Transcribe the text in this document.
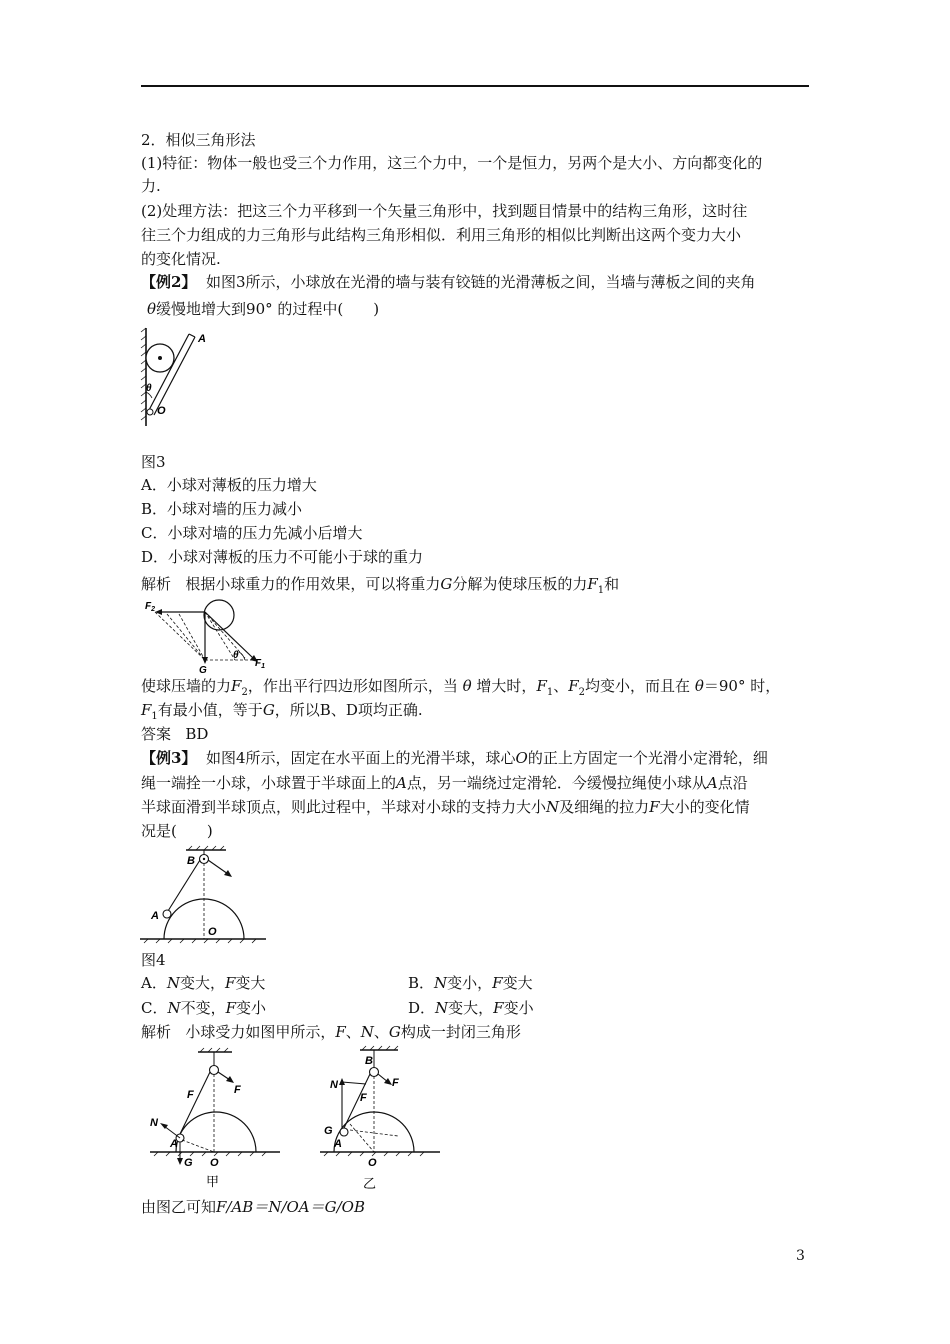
2．相似三角形法
(1)特征：物体一般也受三个力作用，这三个力中，一个是恒力，另两个是大小、方向都变化的
力.
(2)处理方法：把这三个力平移到一个矢量三角形中，找到题目情景中的结构三角形，这时往
往三个力组成的力三角形与此结构三角形相似．利用三角形的相似比判断出这两个变力大小
的变化情况.
【例2】 如图3所示，小球放在光滑的墙与装有铰链的光滑薄板之间，当墙与薄板之间的夹角
θ缓慢地增大到90° 的过程中(　　)
A
θ
O
图3
A．小球对薄板的压力增大
B．小球对墙的压力减小
C．小球对墙的压力先减小后增大
D．小球对薄板的压力不可能小于球的重力
解析 根据小球重力的作用效果，可以将重力G分解为使球压板的力$F_1$和
$F_2$
G
θ
$F_1$
使球压墙的力$F_2$，作出平行四边形如图所示，当 θ 增大时，$F_1$、$F_2$均变小，而且在 θ＝90° 时，
$F_1$有最小值，等于G，所以B、D项均正确.
答案 BD
【例3】 如图4所示，固定在水平面上的光滑半球，球心O的正上方固定一个光滑小定滑轮，细
绳一端拴一小球，小球置于半球面上的A点，另一端绕过定滑轮．今缓慢拉绳使小球从A点沿
半球面滑到半球顶点，则此过程中，半球对小球的支持力大小N及细绳的拉力F大小的变化情
况是(　　)
B
A
O
图4
A．N变大，F变大	B．N变小，F变大
C．N不变，F变小	D．N变大，F变小
解析 小球受力如图甲所示，F、N、G构成一封闭三角形
F	F
N
A
G O
甲
B
N
F
F
G
A
O
乙
由图乙可知F/AB＝N/OA＝G/OB
3
